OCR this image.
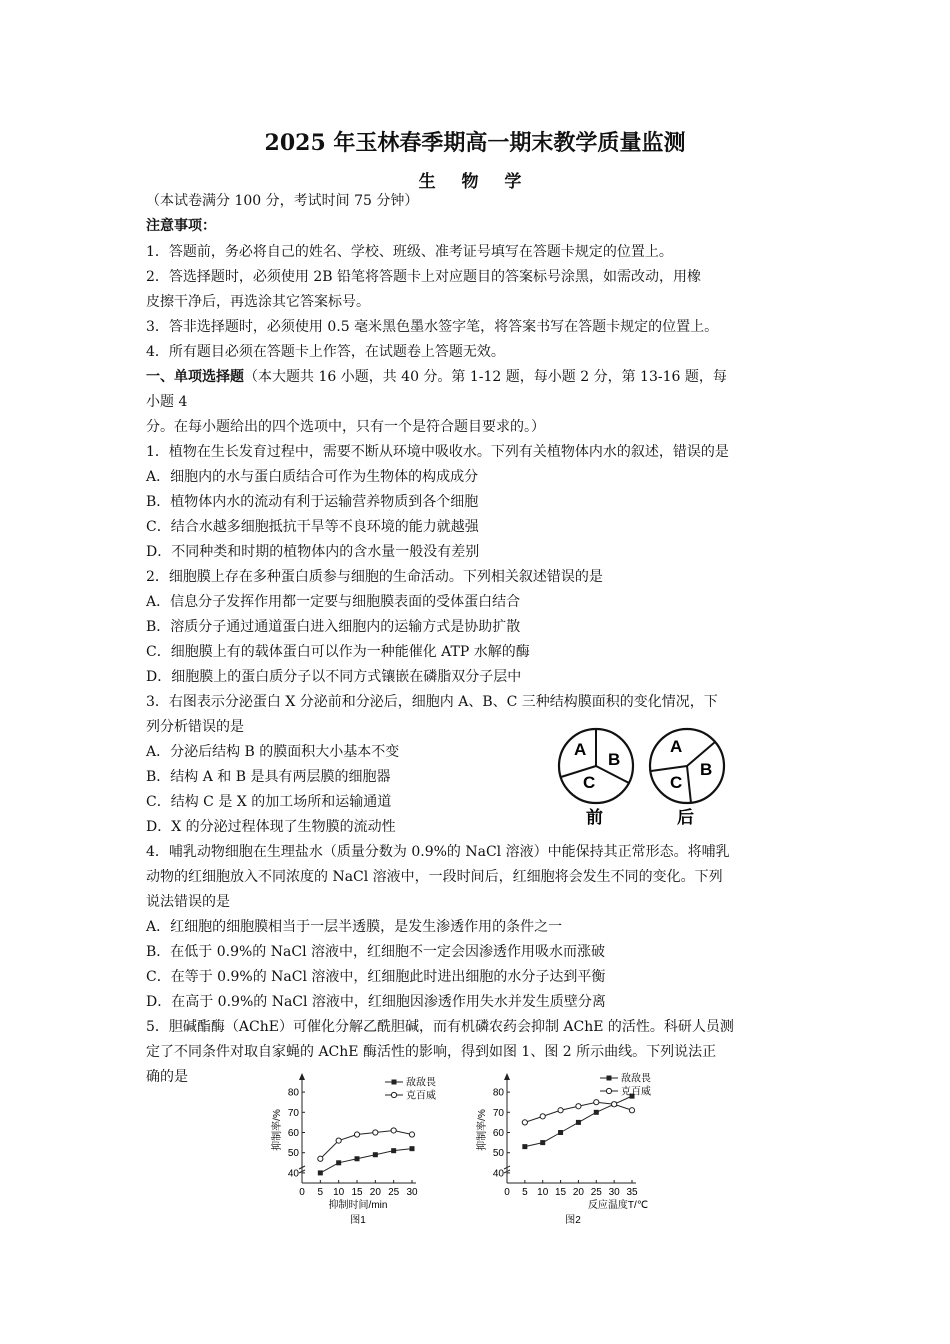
2025 年玉林春季期高一期末教学质量监测
生 物 学
（本试卷满分 100 分，考试时间 75 分钟）
注意事项：
1．答题前，务必将自己的姓名、学校、班级、准考证号填写在答题卡规定的位置上。
2．答选择题时，必须使用 2B 铅笔将答题卡上对应题目的答案标号涂黑，如需改动，用橡
皮擦干净后，再选涂其它答案标号。
3．答非选择题时，必须使用 0.5 毫米黑色墨水签字笔，将答案书写在答题卡规定的位置上。
4．所有题目必须在答题卡上作答，在试题卷上答题无效。
一、单项选择题（本大题共 16 小题，共 40 分。第 1-12 题，每小题 2 分，第 13-16 题，每
小题 4
分。在每小题给出的四个选项中，只有一个是符合题目要求的。）
1．植物在生长发育过程中，需要不断从环境中吸收水。下列有关植物体内水的叙述，错误的是
A．细胞内的水与蛋白质结合可作为生物体的构成成分
B．植物体内水的流动有利于运输营养物质到各个细胞
C．结合水越多细胞抵抗干旱等不良环境的能力就越强
D．不同种类和时期的植物体内的含水量一般没有差别
2．细胞膜上存在多种蛋白质参与细胞的生命活动。下列相关叙述错误的是
A．信息分子发挥作用都一定要与细胞膜表面的受体蛋白结合
B．溶质分子通过通道蛋白进入细胞内的运输方式是协助扩散
C．细胞膜上有的载体蛋白可以作为一种能催化 ATP 水解的酶
D．细胞膜上的蛋白质分子以不同方式镶嵌在磷脂双分子层中
3．右图表示分泌蛋白 X 分泌前和分泌后，细胞内 A、B、C 三种结构膜面积的变化情况，下
列分析错误的是
A．分泌后结构 B 的膜面积大小基本不变
B．结构 A 和 B 是具有两层膜的细胞器
C．结构 C 是 X 的加工场所和运输通道
D．X 的分泌过程体现了生物膜的流动性
A
B
C
前
A
B
C
后
4．哺乳动物细胞在生理盐水（质量分数为 0.9%的 NaCl 溶液）中能保持其正常形态。将哺乳
动物的红细胞放入不同浓度的 NaCl 溶液中，一段时间后，红细胞将会发生不同的变化。下列
说法错误的是
A．红细胞的细胞膜相当于一层半透膜，是发生渗透作用的条件之一
B．在低于 0.9%的 NaCl 溶液中，红细胞不一定会因渗透作用吸水而涨破
C．在等于 0.9%的 NaCl 溶液中，红细胞此时进出细胞的水分子达到平衡
D．在高于 0.9%的 NaCl 溶液中，红细胞因渗透作用失水并发生质壁分离
5．胆碱酯酶（AChE）可催化分解乙酰胆碱，而有机磷农药会抑制 AChE 的活性。科研人员测
定了不同条件对取自家蝇的 AChE 酶活性的影响，得到如图 1、图 2 所示曲线。下列说法正
确的是
0 5 10 15 20 25 30
40
50
60
70
80
抑制率/%
抑制时间/min
图1
敌敌畏
克百威
0 5 10 15 20 25 30 35
40
50
60
70
80
抑制率/%
反应温度T/℃
图2
敌敌畏
克百威
